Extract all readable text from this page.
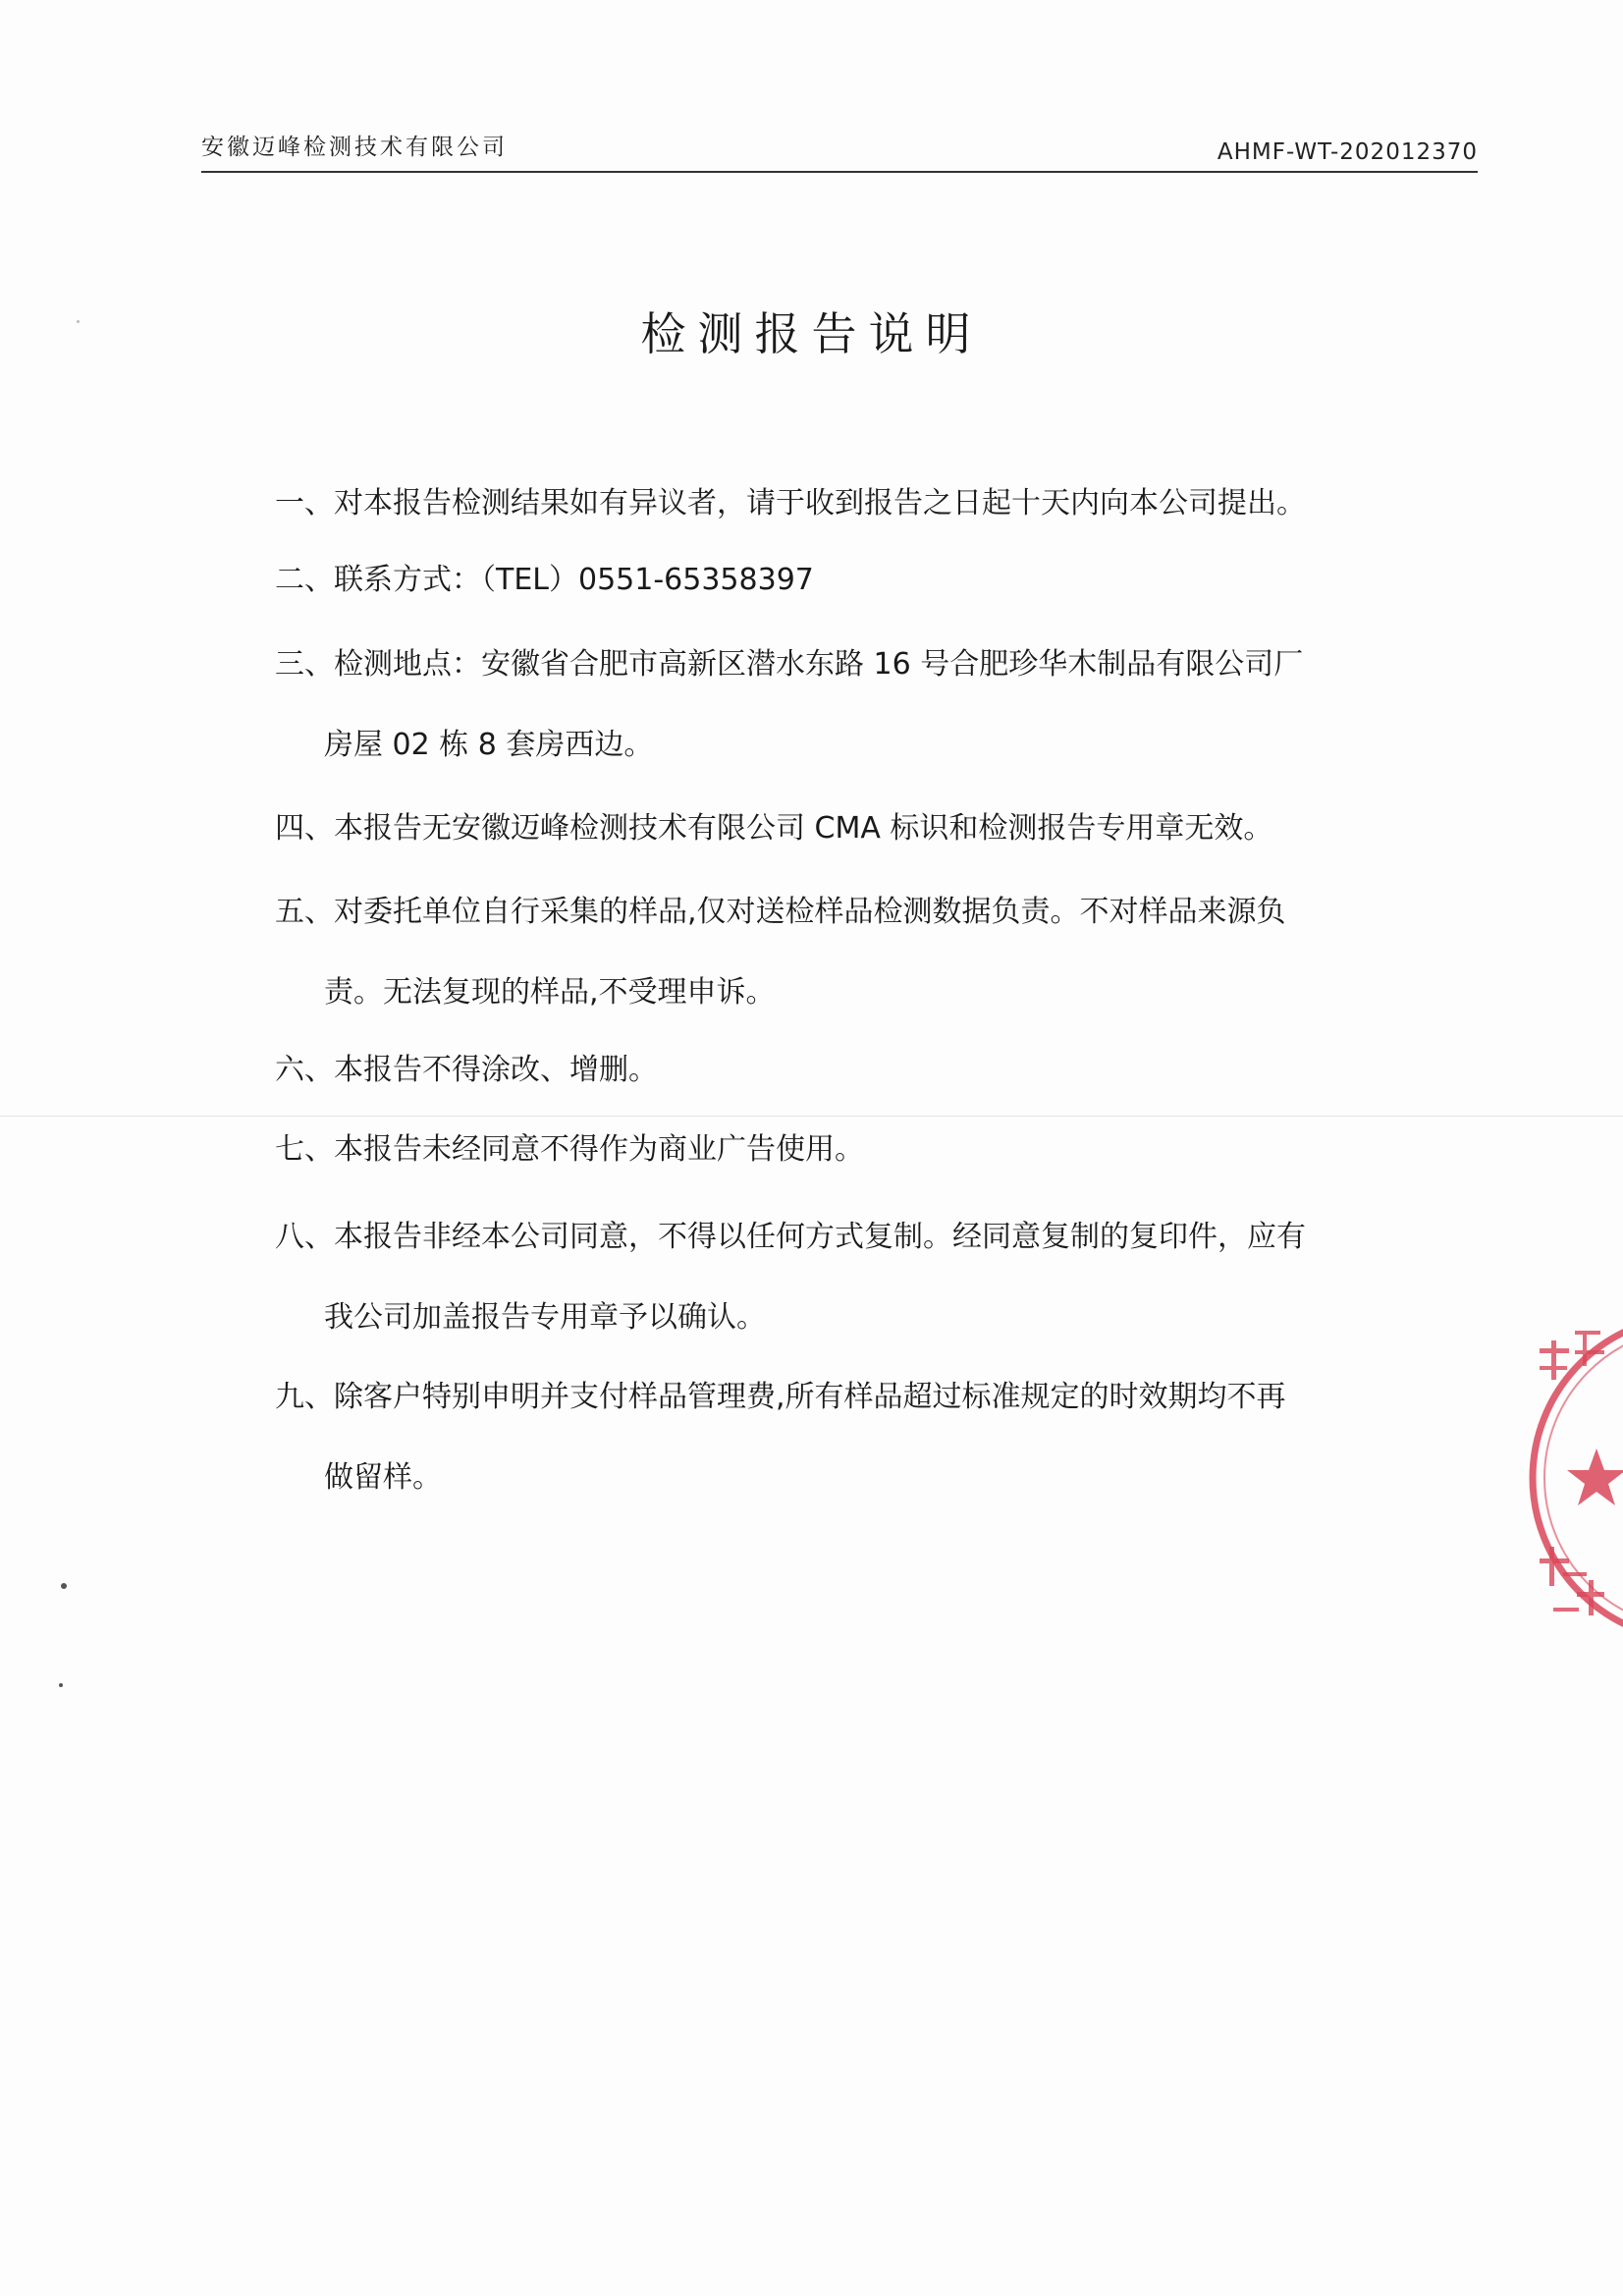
安徽迈峰检测技术有限公司	AHMF-WT-202012370
检测报告说明
一、对本报告检测结果如有异议者，请于收到报告之日起十天内向本公司提出。
二、联系方式：（TEL）0551-65358397
三、检测地点：安徽省合肥市高新区潜水东路 16 号合肥珍华木制品有限公司厂
房屋 02 栋 8 套房西边。
四、本报告无安徽迈峰检测技术有限公司 CMA 标识和检测报告专用章无效。
五、对委托单位自行采集的样品,仅对送检样品检测数据负责。不对样品来源负
责。无法复现的样品,不受理申诉。
六、本报告不得涂改、增删。
七、本报告未经同意不得作为商业广告使用。
八、本报告非经本公司同意，不得以任何方式复制。经同意复制的复印件，应有
我公司加盖报告专用章予以确认。
九、除客户特别申明并支付样品管理费,所有样品超过标准规定的时效期均不再
做留样。
